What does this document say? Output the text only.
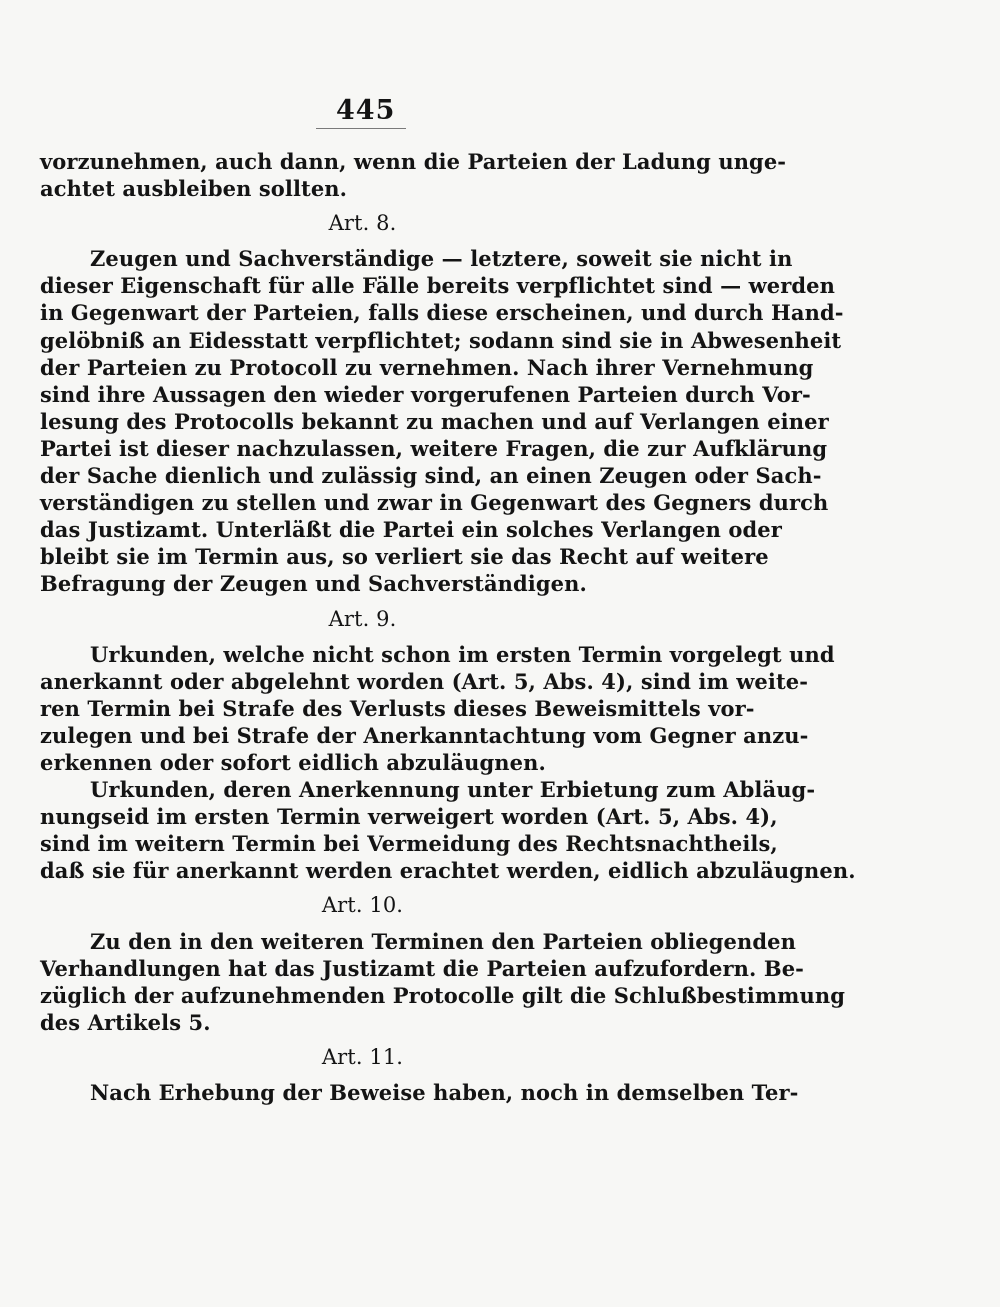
445
vorzunehmen, auch dann, wenn die Parteien der Ladung unge-
achtet ausbleiben sollten.
Art. 8.
Zeugen und Sachverständige — letztere, soweit sie nicht in
dieser Eigenschaft für alle Fälle bereits verpflichtet sind — werden
in Gegenwart der Parteien, falls diese erscheinen, und durch Hand-
gelöbniß an Eidesstatt verpflichtet; sodann sind sie in Abwesenheit
der Parteien zu Protocoll zu vernehmen. Nach ihrer Vernehmung
sind ihre Aussagen den wieder vorgerufenen Parteien durch Vor-
lesung des Protocolls bekannt zu machen und auf Verlangen einer
Partei ist dieser nachzulassen, weitere Fragen, die zur Aufklärung
der Sache dienlich und zulässig sind, an einen Zeugen oder Sach-
verständigen zu stellen und zwar in Gegenwart des Gegners durch
das Justizamt. Unterläßt die Partei ein solches Verlangen oder
bleibt sie im Termin aus, so verliert sie das Recht auf weitere
Befragung der Zeugen und Sachverständigen.
Art. 9.
Urkunden, welche nicht schon im ersten Termin vorgelegt und
anerkannt oder abgelehnt worden (Art. 5, Abs. 4), sind im weite-
ren Termin bei Strafe des Verlusts dieses Beweismittels vor-
zulegen und bei Strafe der Anerkanntachtung vom Gegner anzu-
erkennen oder sofort eidlich abzuläugnen.
Urkunden, deren Anerkennung unter Erbietung zum Abläug-
nungseid im ersten Termin verweigert worden (Art. 5, Abs. 4),
sind im weitern Termin bei Vermeidung des Rechtsnachtheils,
daß sie für anerkannt werden erachtet werden, eidlich abzuläugnen.
Art. 10.
Zu den in den weiteren Terminen den Parteien obliegenden
Verhandlungen hat das Justizamt die Parteien aufzufordern. Be-
züglich der aufzunehmenden Protocolle gilt die Schlußbestimmung
des Artikels 5.
Art. 11.
Nach Erhebung der Beweise haben, noch in demselben Ter-
